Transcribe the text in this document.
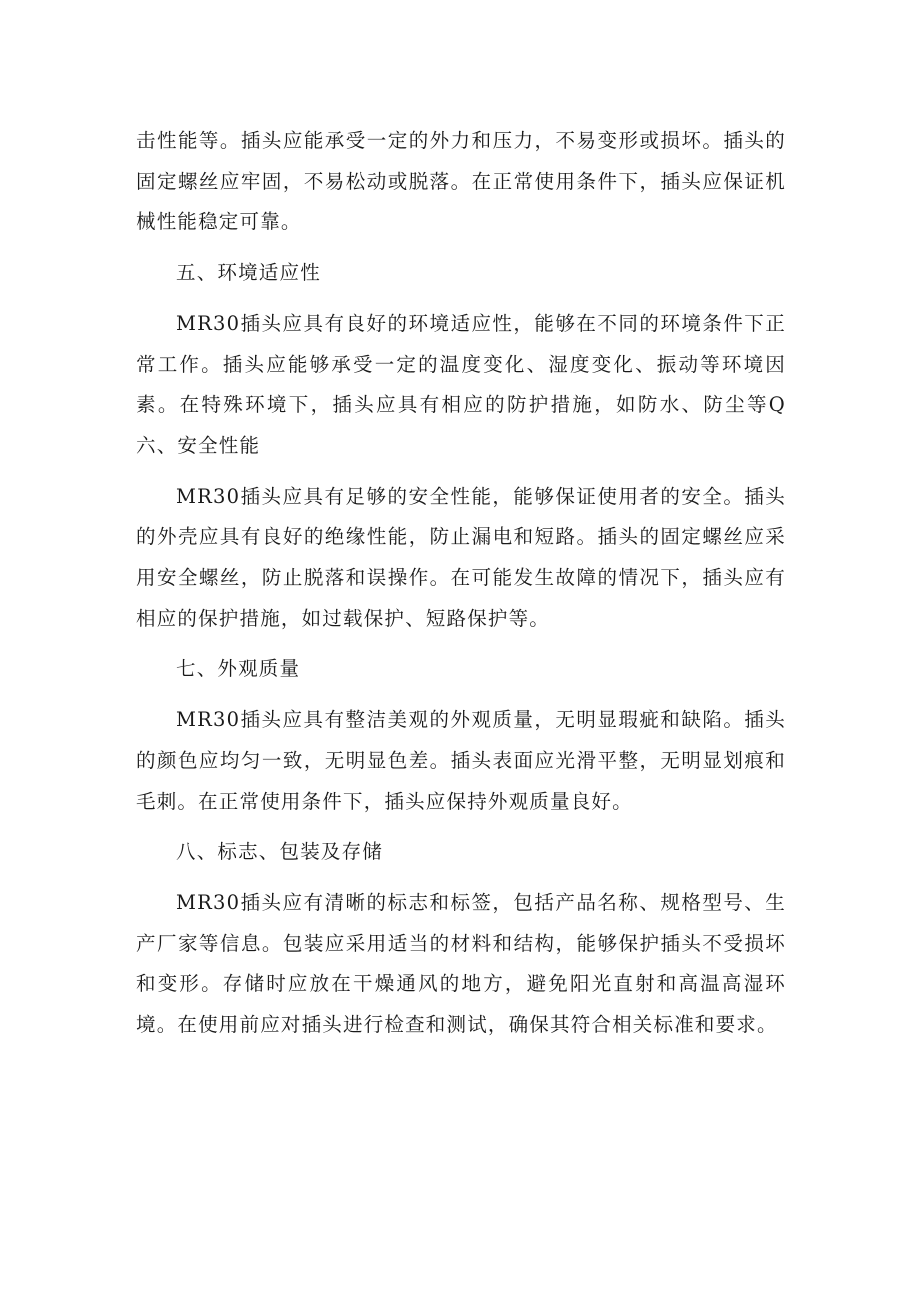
击性能等。插头应能承受一定的外力和压力，不易变形或损坏。插头的固定螺丝应牢固，不易松动或脱落。在正常使用条件下，插头应保证机械性能稳定可靠。

五、环境适应性

MR30插头应具有良好的环境适应性，能够在不同的环境条件下正常工作。插头应能够承受一定的温度变化、湿度变化、振动等环境因素。在特殊环境下，插头应具有相应的防护措施，如防水、防尘等Q六、安全性能

MR30插头应具有足够的安全性能，能够保证使用者的安全。插头的外壳应具有良好的绝缘性能，防止漏电和短路。插头的固定螺丝应采用安全螺丝，防止脱落和误操作。在可能发生故障的情况下，插头应有相应的保护措施，如过载保护、短路保护等。

七、外观质量

MR30插头应具有整洁美观的外观质量，无明显瑕疵和缺陷。插头的颜色应均匀一致，无明显色差。插头表面应光滑平整，无明显划痕和毛刺。在正常使用条件下，插头应保持外观质量良好。

八、标志、包装及存储

MR30插头应有清晰的标志和标签，包括产品名称、规格型号、生产厂家等信息。包装应采用适当的材料和结构，能够保护插头不受损坏和变形。存储时应放在干燥通风的地方，避免阳光直射和高温高湿环境。在使用前应对插头进行检查和测试，确保其符合相关标准和要求。
